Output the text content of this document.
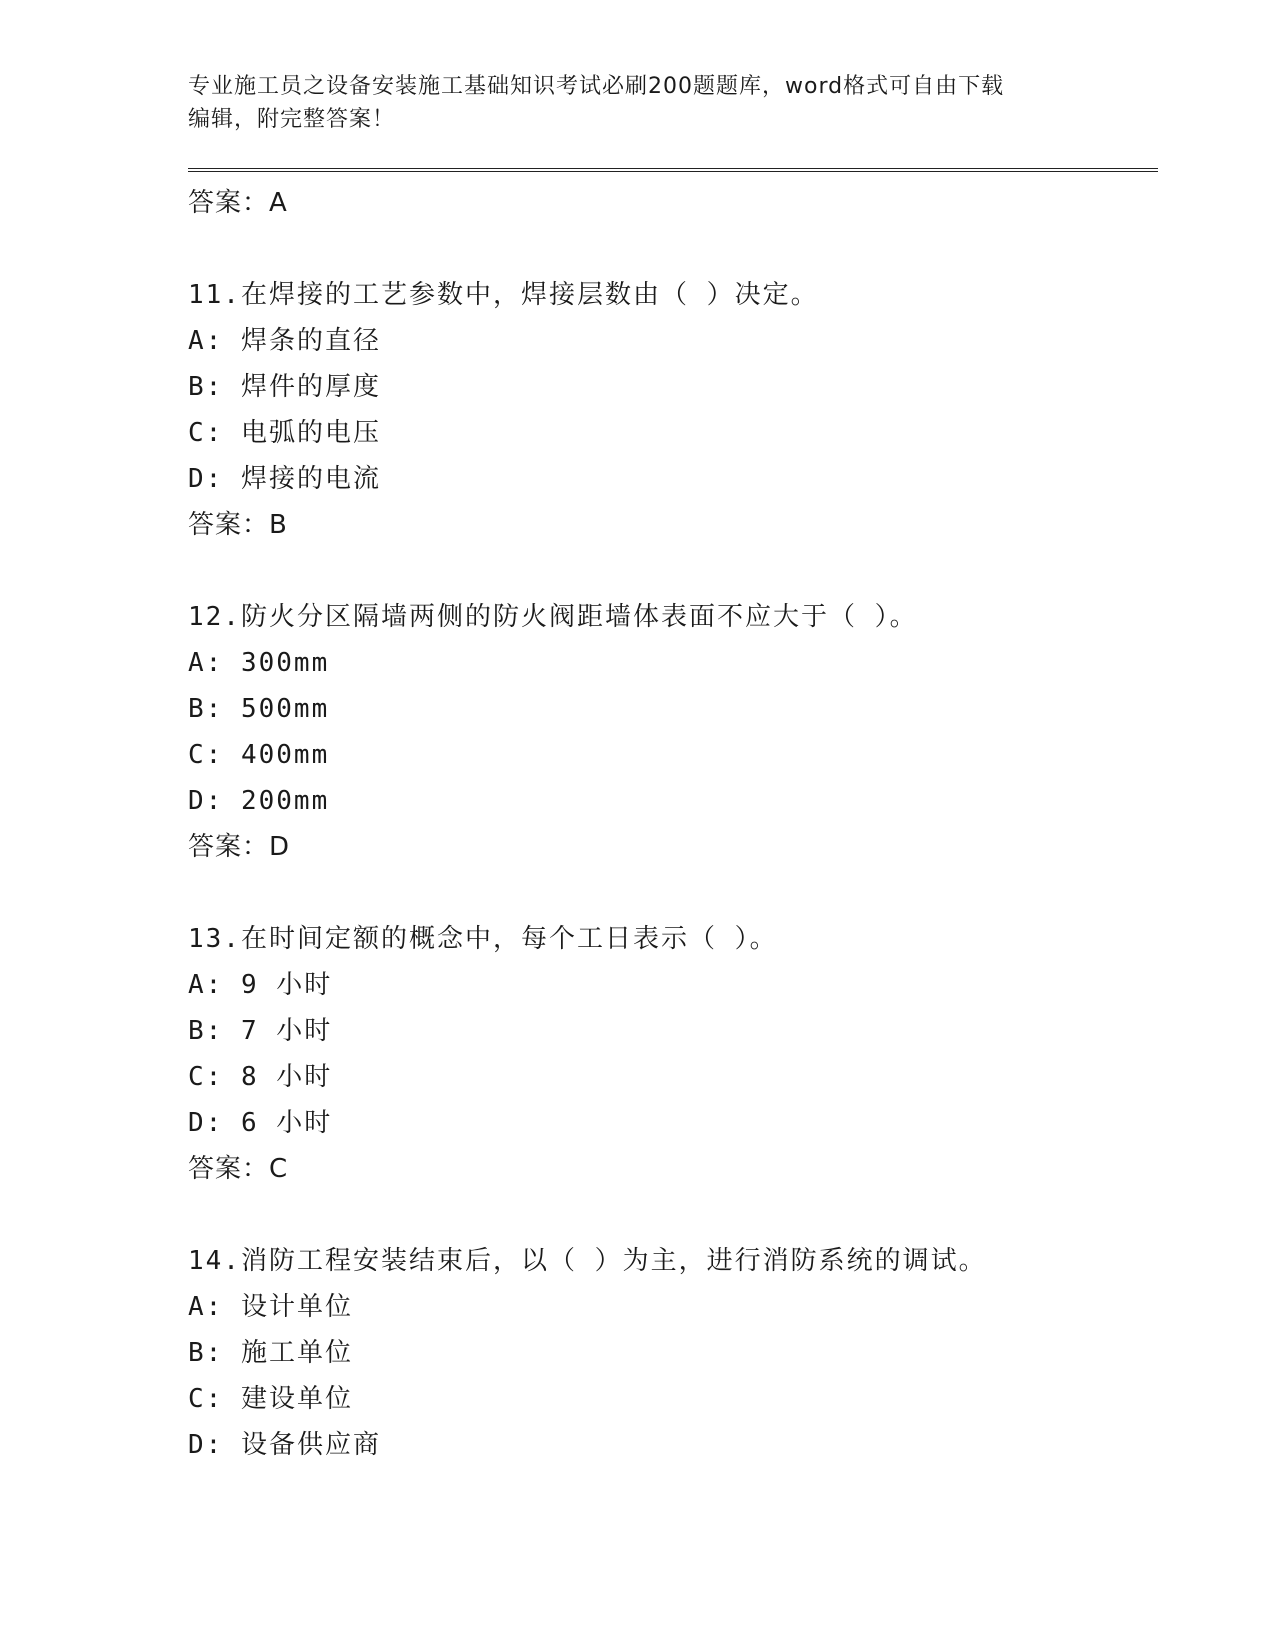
专业施工员之设备安装施工基础知识考试必刷200题题库，word格式可自由下载

编辑，附完整答案！

答案：A
11.在焊接的工艺参数中，焊接层数由（ ）决定。
A: 焊条的直径
B: 焊件的厚度
C: 电弧的电压
D: 焊接的电流
答案：B
12.防火分区隔墙两侧的防火阀距墙体表面不应大于（ ）。
A: 300mm
B: 500mm
C: 400mm
D: 200mm
答案：D
13.在时间定额的概念中，每个工日表示（ ）。
A: 9 小时
B: 7 小时
C: 8 小时
D: 6 小时
答案：C
14.消防工程安装结束后，以（ ）为主，进行消防系统的调试。
A: 设计单位
B: 施工单位
C: 建设单位
D: 设备供应商
